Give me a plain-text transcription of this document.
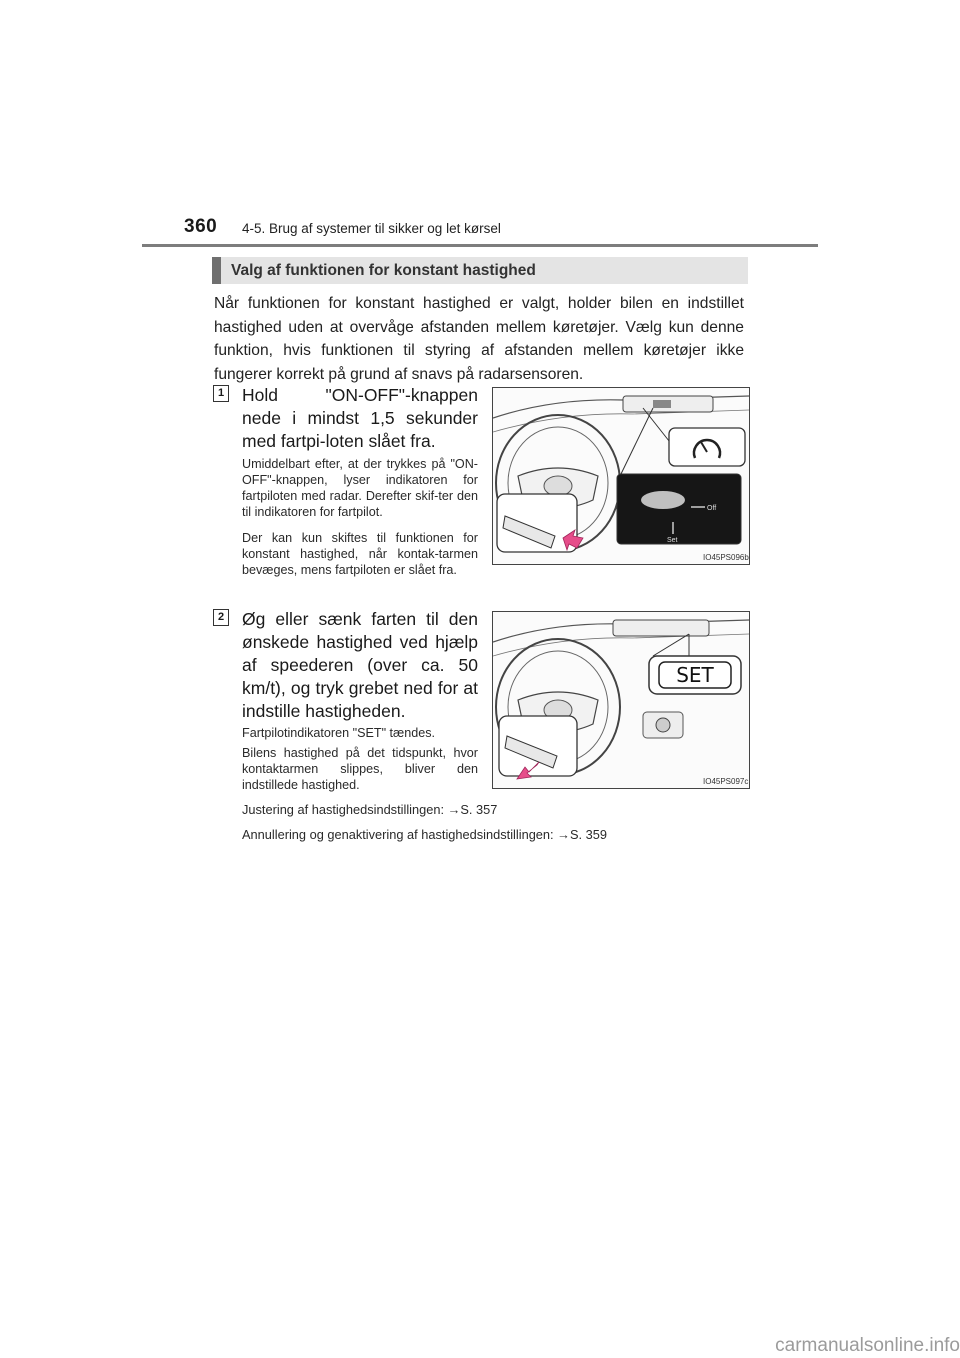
360 4-5. Brug af systemer til sikker og let kørsel
Valg af funktionen for konstant hastighed
Når funktionen for konstant hastighed er valgt, holder bilen en indstillet hastighed uden at overvåge afstanden mellem køretøjer. Vælg kun denne funktion, hvis funktionen til styring af afstanden mellem køretøjer ikke fungerer korrekt på grund af snavs på radarsensoren.
1 Hold "ON-OFF"-knappen nede i mindst 1,5 sekunder med fartpi-loten slået fra.
Umiddelbart efter, at der trykkes på "ON-OFF"-knappen, lyser indikatoren for fartpiloten med radar. Derefter skif-ter den til indikatoren for fartpilot.
Der kan kun skiftes til funktionen for konstant hastighed, når kontak-tarmen bevæges, mens fartpiloten er slået fra.
Off
Set
IO45PS096b
2 Øg eller sænk farten til den ønskede hastighed ved hjælp af speederen (over ca. 50 km/t), og tryk grebet ned for at indstille hastigheden.
Fartpilotindikatoren "SET" tændes.
Bilens hastighed på det tidspunkt, hvor kontaktarmen slippes, bliver den indstillede hastighed.
SET
IO45PS097c
Justering af hastighedsindstillingen: →S. 357
Annullering og genaktivering af hastighedsindstillingen: →S. 359
carmanualsonline.info
